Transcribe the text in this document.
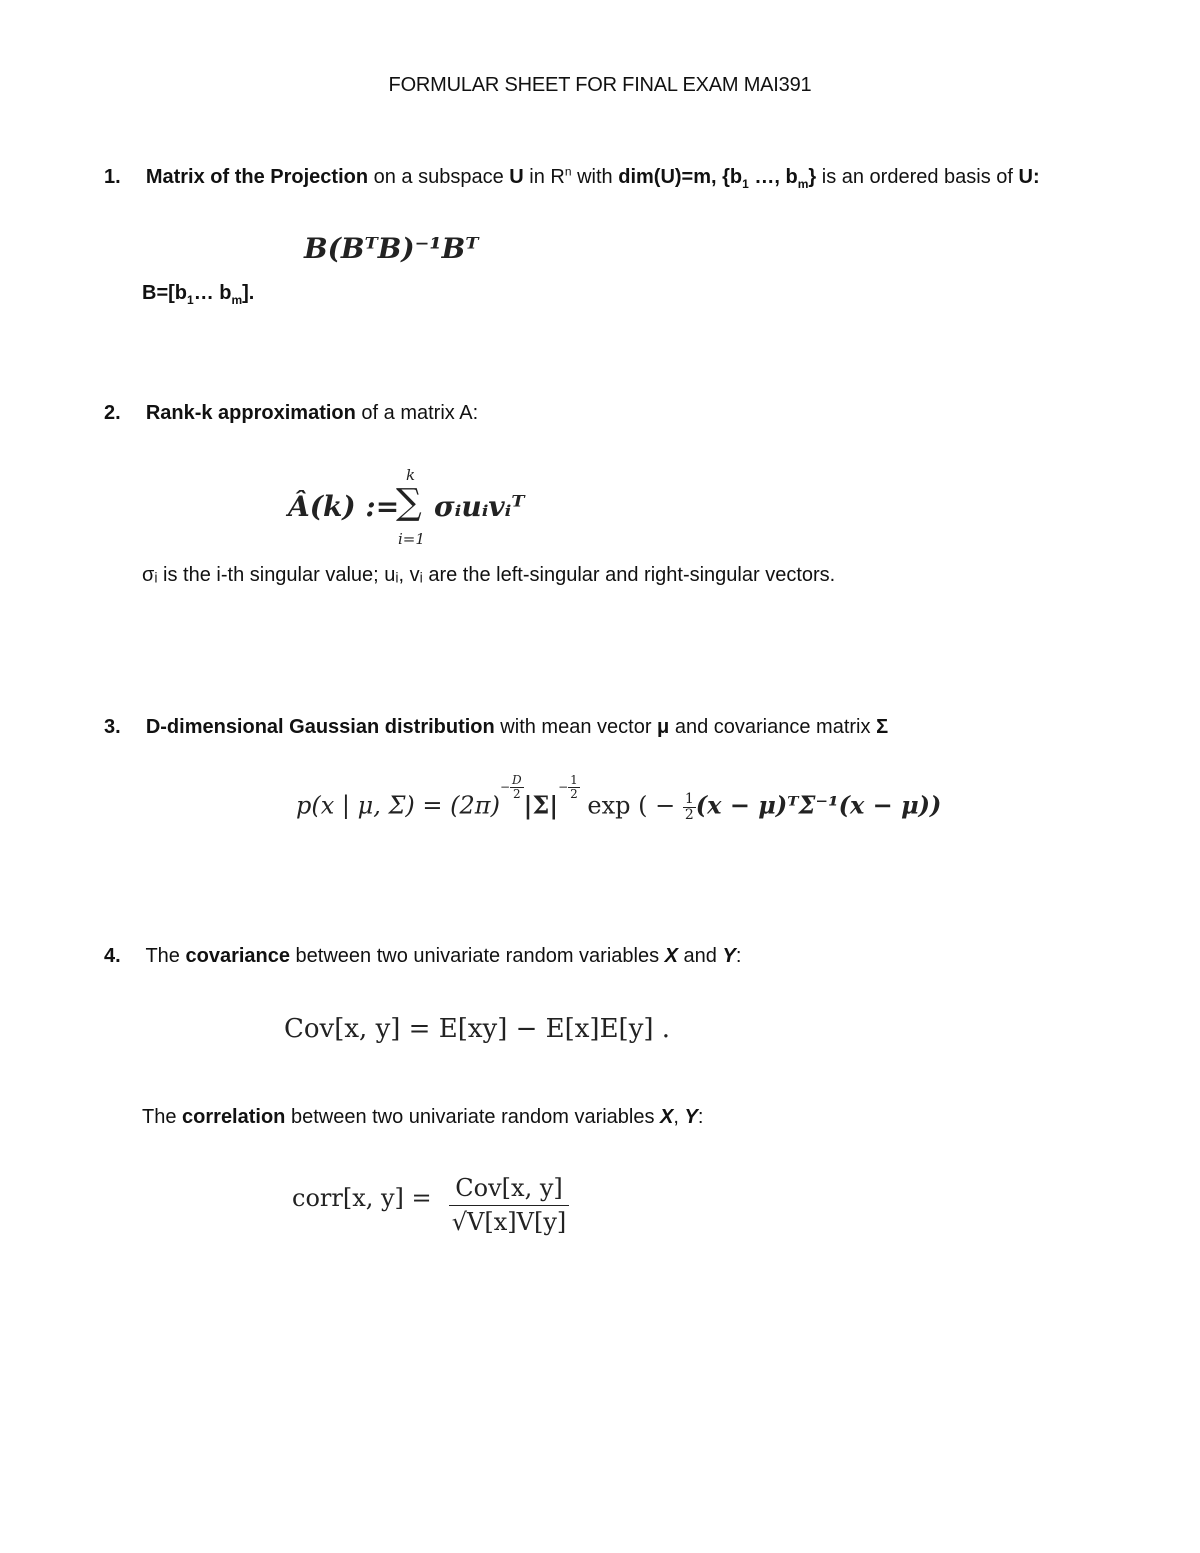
FORMULAR SHEET FOR FINAL EXAM MAI391
1. Matrix of the Projection on a subspace U in $R^n$ with dim(U)=m, {$b_1$ …, $b_m$} is an ordered basis of U:
B(BᵀB)⁻¹Bᵀ
$B=[b_1\dots$ $b_m$].
2. Rank-k approximation of a matrix A:
Â(k) :=
k
∑
i=1
σᵢuᵢvᵢᵀ
σᵢ is the i-th singular value; uᵢ, vᵢ are the left-singular and right-singular vectors.
3. D-dimensional Gaussian distribution with mean vector μ and covariance matrix Σ
p(x | μ, $\Sigma) = (2\pi)^{- \frac{D}{2}}$
$|\Sigma|^{- \frac{1}{2}}$
exp ( − $\frac{1}{2} (x$ − μ)ᵀΣ⁻¹(x − μ))
4. The covariance between two univariate random variables X and Y:
Cov[x, y] = E[xy] − E[x]E[y] .
The correlation between two univariate random variables X, Y:
corr[x, $y] = \frac{\text{Cov[x, y]}}{√V[x]V[y]}$
